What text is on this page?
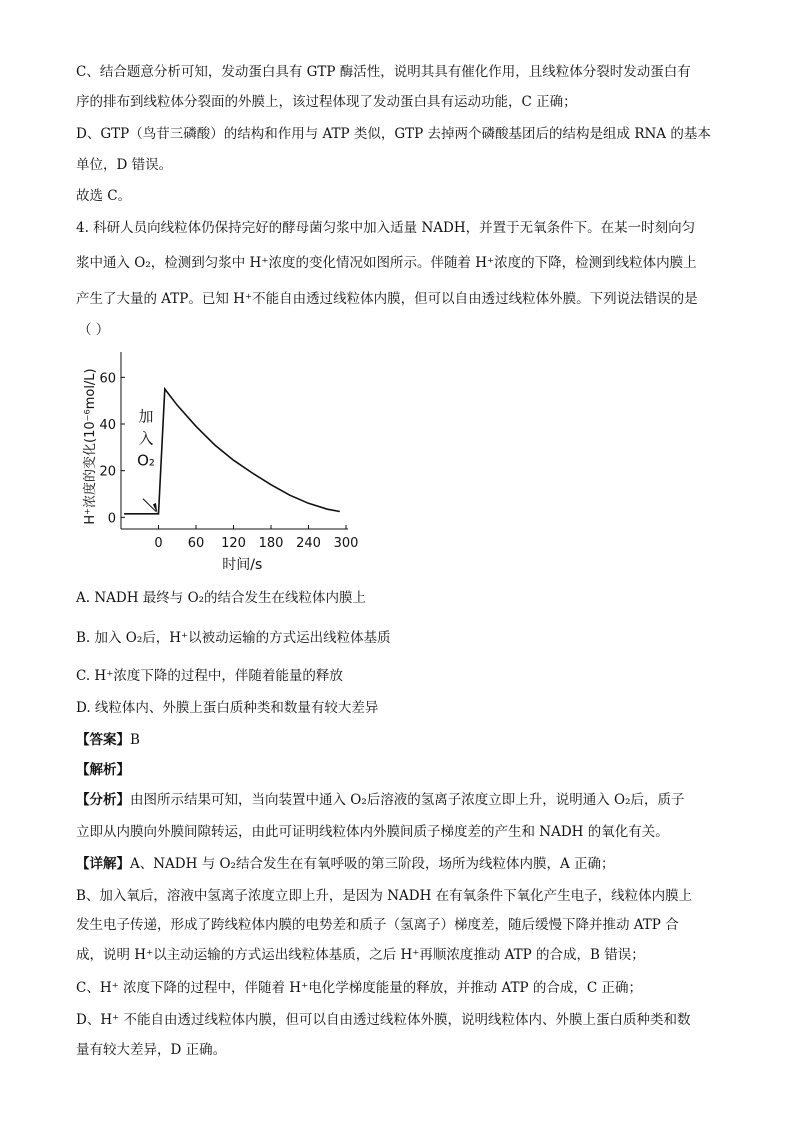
C、结合题意分析可知，发动蛋白具有 GTP 酶活性，说明其具有催化作用，且线粒体分裂时发动蛋白有
序的排布到线粒体分裂面的外膜上，该过程体现了发动蛋白具有运动功能，C 正确；
D、GTP（鸟苷三磷酸）的结构和作用与 ATP 类似，GTP 去掉两个磷酸基团后的结构是组成 RNA 的基本
单位，D 错误。
故选 C。
4. 科研人员向线粒体仍保持完好的酵母菌匀浆中加入适量 NADH，并置于无氧条件下。在某一时刻向匀
浆中通入 O₂，检测到匀浆中 H⁺浓度的变化情况如图所示。伴随着 H⁺浓度的下降，检测到线粒体内膜上
产生了大量的 ATP。已知 H⁺不能自由透过线粒体内膜，但可以自由透过线粒体外膜。下列说法错误的是
（ ）
时间/s
H⁺浓度的变化(10⁻⁶mol/L) 0
20
40
60
0 60 120 180 240 300
加
入
O₂
A. NADH 最终与 O₂的结合发生在线粒体内膜上
B. 加入 O₂后，H⁺以被动运输的方式运出线粒体基质
C. H⁺浓度下降的过程中，伴随着能量的释放
D. 线粒体内、外膜上蛋白质种类和数量有较大差异
【答案】B
【解析】
【分析】由图所示结果可知，当向装置中通入 O₂后溶液的氢离子浓度立即上升，说明通入 O₂后，质子
立即从内膜向外膜间隙转运，由此可证明线粒体内外膜间质子梯度差的产生和 NADH 的氧化有关。
【详解】A、NADH 与 O₂结合发生在有氧呼吸的第三阶段，场所为线粒体内膜，A 正确；
B、加入氧后，溶液中氢离子浓度立即上升，是因为 NADH 在有氧条件下氧化产生电子，线粒体内膜上
发生电子传递，形成了跨线粒体内膜的电势差和质子（氢离子）梯度差，随后缓慢下降并推动 ATP 合
成，说明 H⁺以主动运输的方式运出线粒体基质，之后 H⁺再顺浓度推动 ATP 的合成，B 错误；
C、H⁺ 浓度下降的过程中，伴随着 H⁺电化学梯度能量的释放，并推动 ATP 的合成，C 正确；
D、H⁺ 不能自由透过线粒体内膜，但可以自由透过线粒体外膜，说明线粒体内、外膜上蛋白质种类和数
量有较大差异，D 正确。
